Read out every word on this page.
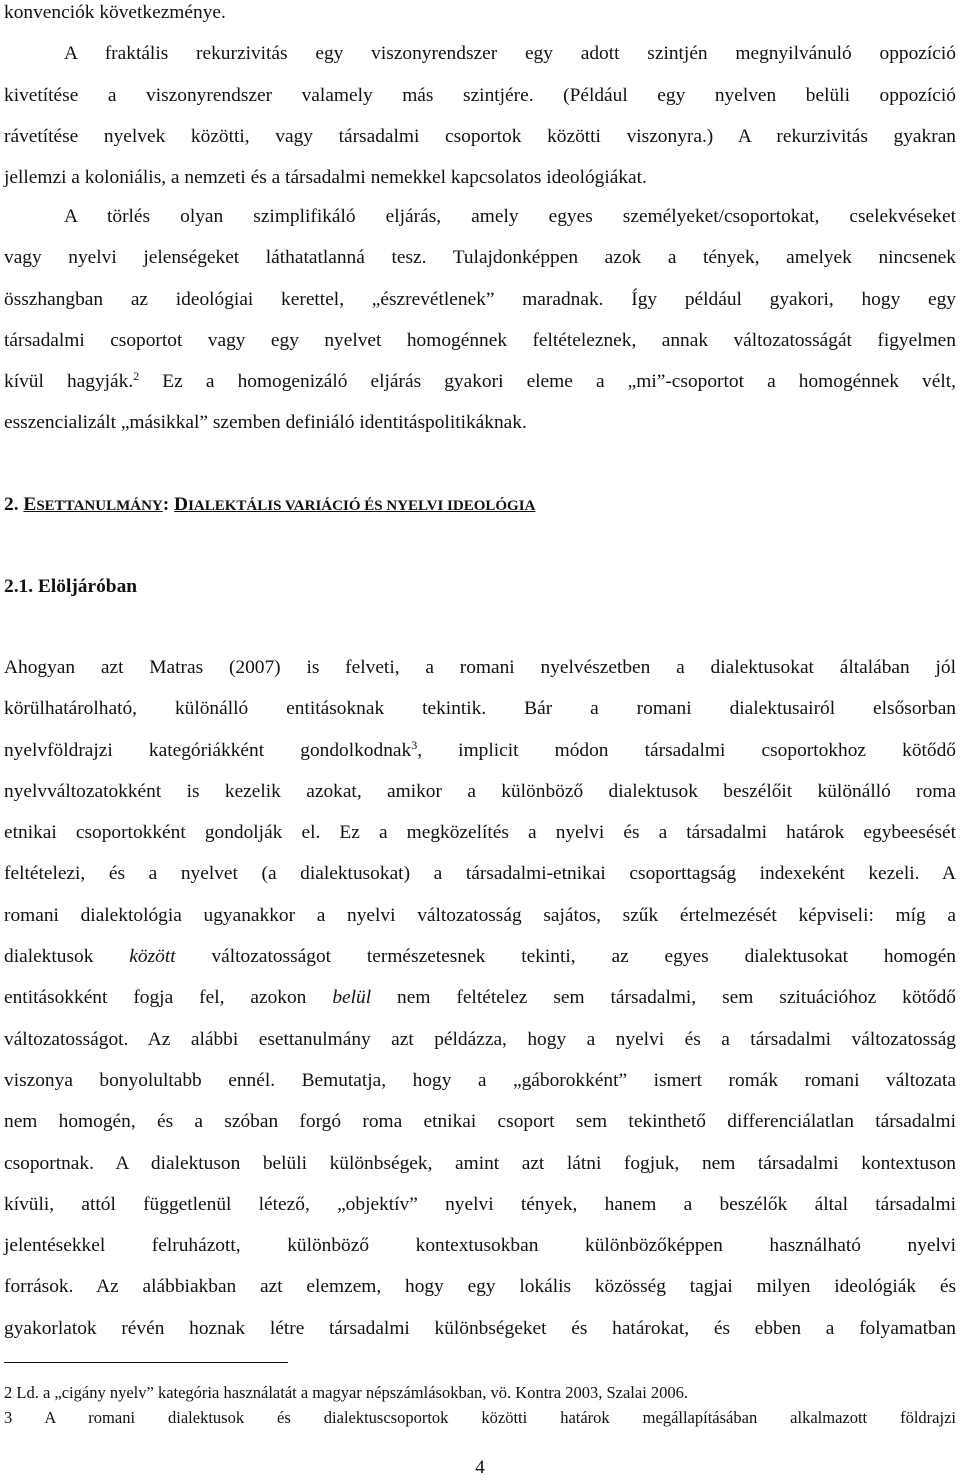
konvenciók következménye.
A fraktális rekurzivitás egy viszonyrendszer egy adott szintjén megnyilvánuló oppozíció
kivetítése a viszonyrendszer valamely más szintjére. (Például egy nyelven belüli oppozíció
rávetítése nyelvek közötti, vagy társadalmi csoportok közötti viszonyra.) A rekurzivitás gyakran
jellemzi a koloniális, a nemzeti és a társadalmi nemekkel kapcsolatos ideológiákat.
A törlés olyan szimplifikáló eljárás, amely egyes személyeket/csoportokat, cselekvéseket
vagy nyelvi jelenségeket láthatatlanná tesz. Tulajdonképpen azok a tények, amelyek nincsenek
összhangban az ideológiai kerettel, „észrevétlenek” maradnak. Így például gyakori, hogy egy
társadalmi csoportot vagy egy nyelvet homogénnek feltételeznek, annak változatosságát figyelmen
kívül hagyják.$^2$ Ez a homogenizáló eljárás gyakori eleme a „mi”-csoportot a homogénnek vélt,
esszencializált „másikkal” szemben definiáló identitáspolitikáknak.
2. ESETTANULMÁNY: DIALEKTÁLIS VARIÁCIÓ ÉS NYELVI IDEOLÓGIA
2.1. Elöljáróban
Ahogyan azt Matras (2007) is felveti, a romani nyelvészetben a dialektusokat általában jól
körülhatárolható, különálló entitásoknak tekintik. Bár a romani dialektusairól elsősorban
nyelvföldrajzi kategóriákként gondolkodnak$^3$, implicit módon társadalmi csoportokhoz kötődő
nyelvváltozatokként is kezelik azokat, amikor a különböző dialektusok beszélőit különálló roma
etnikai csoportokként gondolják el. Ez a megközelítés a nyelvi és a társadalmi határok egybeesését
feltételezi, és a nyelvet (a dialektusokat) a társadalmi-etnikai csoporttagság indexeként kezeli. A
romani dialektológia ugyanakkor a nyelvi változatosság sajátos, szűk értelmezését képviseli: míg a
dialektusok között változatosságot természetesnek tekinti, az egyes dialektusokat homogén
entitásokként fogja fel, azokon belül nem feltételez sem társadalmi, sem szituációhoz kötődő
változatosságot. Az alábbi esettanulmány azt példázza, hogy a nyelvi és a társadalmi változatosság
viszonya bonyolultabb ennél. Bemutatja, hogy a „gáborokként” ismert romák romani változata
nem homogén, és a szóban forgó roma etnikai csoport sem tekinthető differenciálatlan társadalmi
csoportnak. A dialektuson belüli különbségek, amint azt látni fogjuk, nem társadalmi kontextuson
kívüli, attól függetlenül létező, „objektív” nyelvi tények, hanem a beszélők által társadalmi
jelentésekkel felruházott, különböző kontextusokban különbözőképpen használható nyelvi
források. Az alábbiakban azt elemzem, hogy egy lokális közösség tagjai milyen ideológiák és
gyakorlatok révén hoznak létre társadalmi különbségeket és határokat, és ebben a folyamatban
2 Ld. a „cigány nyelv” kategória használatát a magyar népszámlásokban, vö. Kontra 2003, Szalai 2006.
3 A romani dialektusok és dialektuscsoportok közötti határok megállapításában alkalmazott földrajzi
4
